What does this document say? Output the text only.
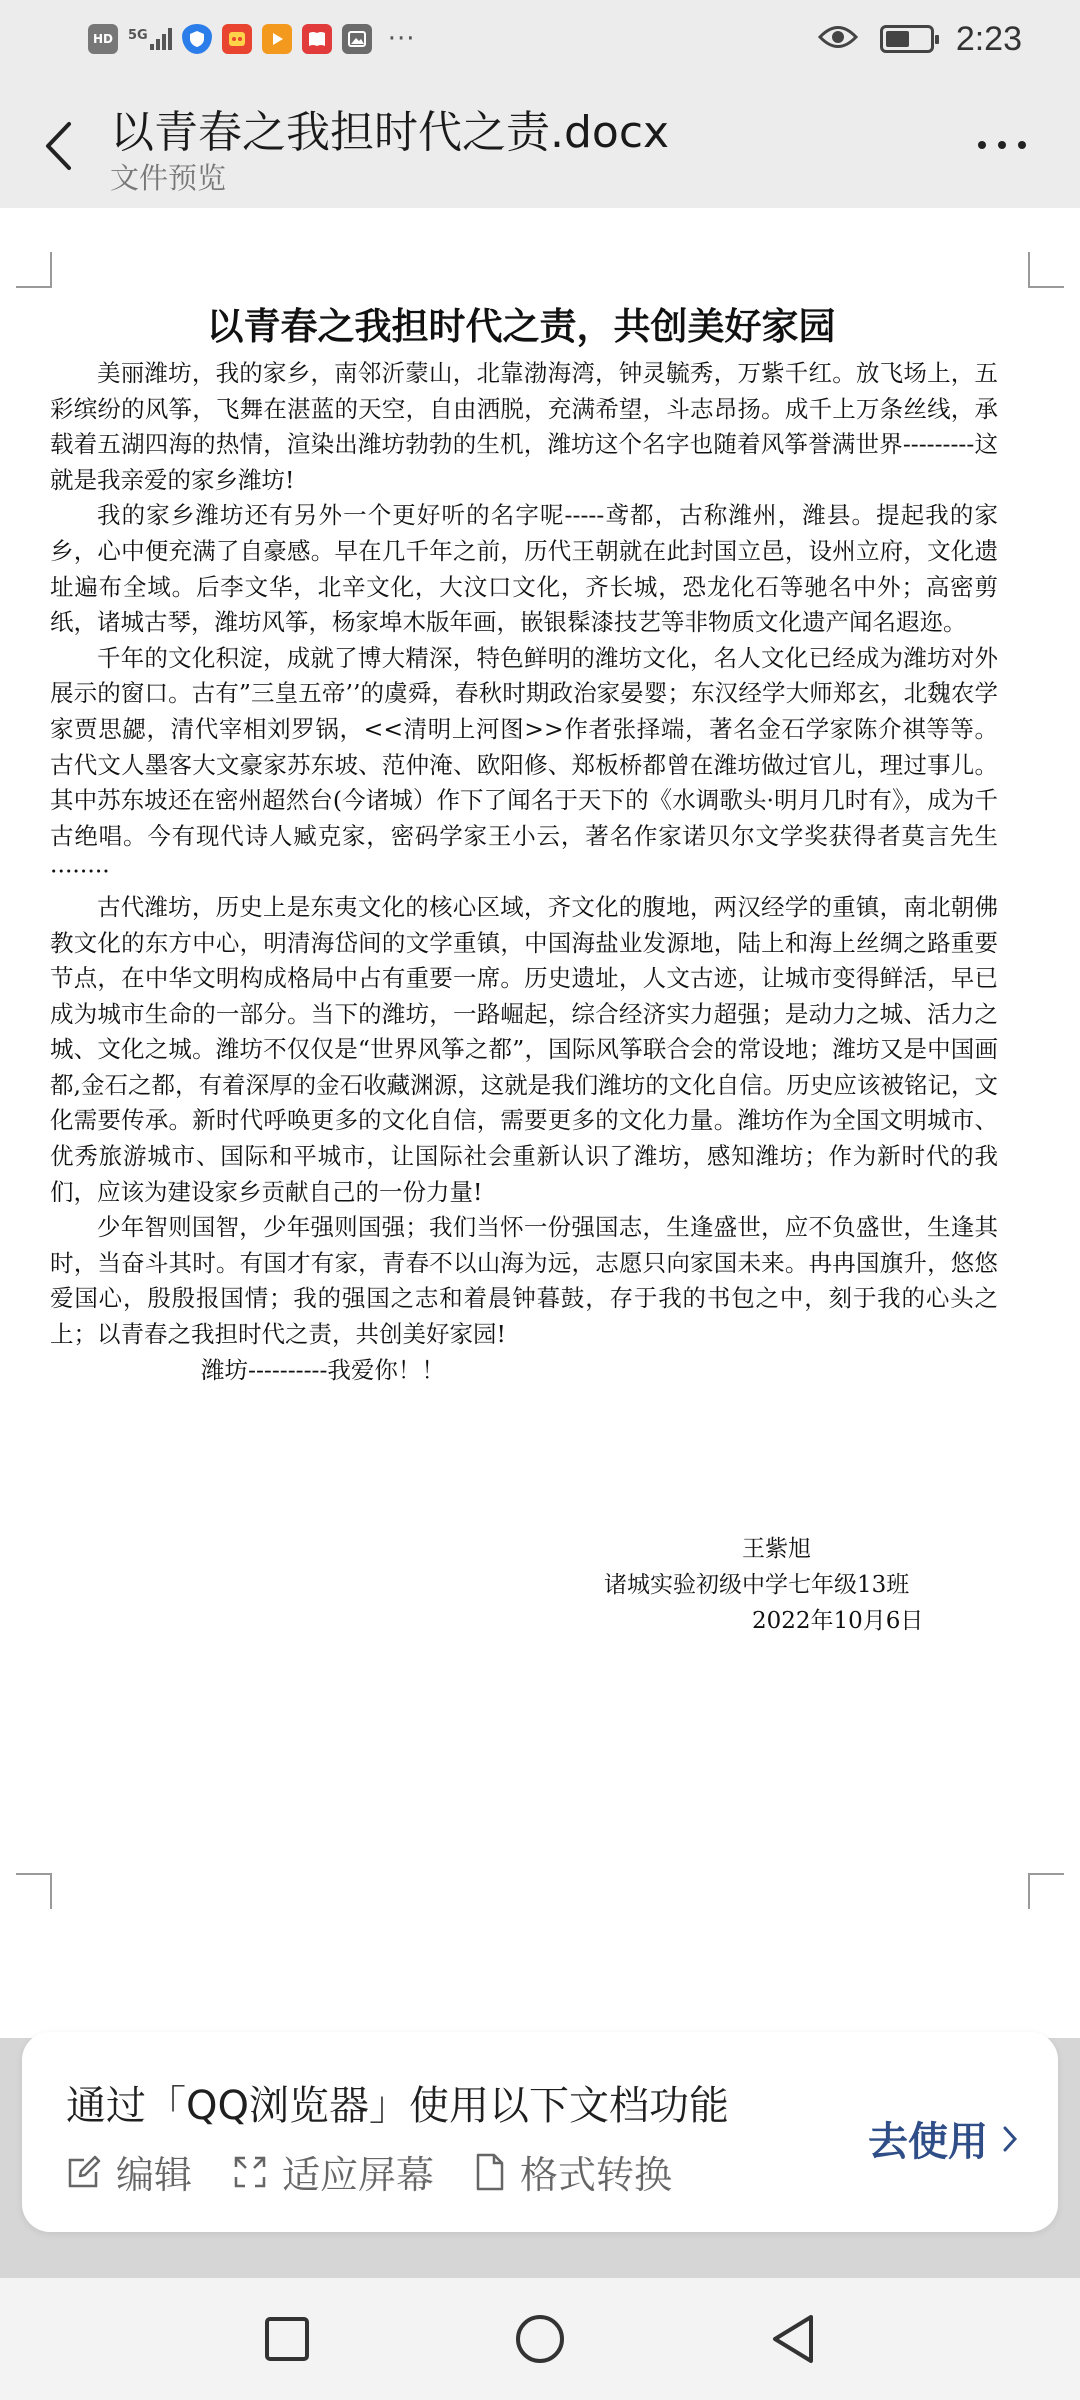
HD	5G	···	2:23
以青春之我担时代之责.docx
文件预览
以青春之我担时代之责，共创美好家园

美丽潍坊，我的家乡，南邻沂蒙山，北靠渤海湾，钟灵毓秀，万紫千红。放飞场上，五彩缤纷的风筝，飞舞在湛蓝的天空，自由洒脱，充满希望，斗志昂扬。成千上万条丝线，承载着五湖四海的热情，渲染出潍坊勃勃的生机，潍坊这个名字也随着风筝誉满世界---------这就是我亲爱的家乡潍坊!

我的家乡潍坊还有另外一个更好听的名字呢-----鸢都，古称潍州，潍县。提起我的家乡，心中便充满了自豪感。早在几千年之前，历代王朝就在此封国立邑，设州立府，文化遗址遍布全域。后李文华，北辛文化，大汶口文化，齐长城，恐龙化石等驰名中外；高密剪纸，诸城古琴，潍坊风筝，杨家埠木版年画，嵌银髹漆技艺等非物质文化遗产闻名遐迩。

千年的文化积淀，成就了博大精深，特色鲜明的潍坊文化，名人文化已经成为潍坊对外展示的窗口。古有”三皇五帝’’的虞舜，春秋时期政治家晏婴；东汉经学大师郑玄，北魏农学家贾思勰，清代宰相刘罗锅，<<清明上河图>>作者张择端，著名金石学家陈介祺等等。古代文人墨客大文豪家苏东坡、范仲淹、欧阳修、郑板桥都曾在潍坊做过官儿，理过事儿。其中苏东坡还在密州超然台(今诸城）作下了闻名于天下的《水调歌头·明月几时有》，成为千古绝唱。今有现代诗人臧克家，密码学家王小云，著名作家诺贝尔文学奖获得者莫言先生········

古代潍坊，历史上是东夷文化的核心区域，齐文化的腹地，两汉经学的重镇，南北朝佛教文化的东方中心，明清海岱间的文学重镇，中国海盐业发源地，陆上和海上丝绸之路重要节点，在中华文明构成格局中占有重要一席。历史遗址，人文古迹，让城市变得鲜活，早已成为城市生命的一部分。当下的潍坊，一路崛起，综合经济实力超强；是动力之城、活力之城、文化之城。潍坊不仅仅是“世界风筝之都”，国际风筝联合会的常设地；潍坊又是中国画都,金石之都，有着深厚的金石收藏渊源，这就是我们潍坊的文化自信。历史应该被铭记，文化需要传承。新时代呼唤更多的文化自信，需要更多的文化力量。潍坊作为全国文明城市、优秀旅游城市、国际和平城市，让国际社会重新认识了潍坊，感知潍坊；作为新时代的我们，应该为建设家乡贡献自己的一份力量!

少年智则国智，少年强则国强；我们当怀一份强国志，生逢盛世，应不负盛世，生逢其时，当奋斗其时。有国才有家，青春不以山海为远，志愿只向家国未来。冉冉国旗升，悠悠爱国心，殷殷报国情；我的强国之志和着晨钟暮鼓，存于我的书包之中，刻于我的心头之上；以青春之我担时代之责，共创美好家园!

潍坊----------我爱你！！

王紫旭
诸城实验初级中学七年级13班
2022年10月6日
通过「QQ浏览器」使用以下文档功能
编辑 适应屏幕 格式转换
去使用
